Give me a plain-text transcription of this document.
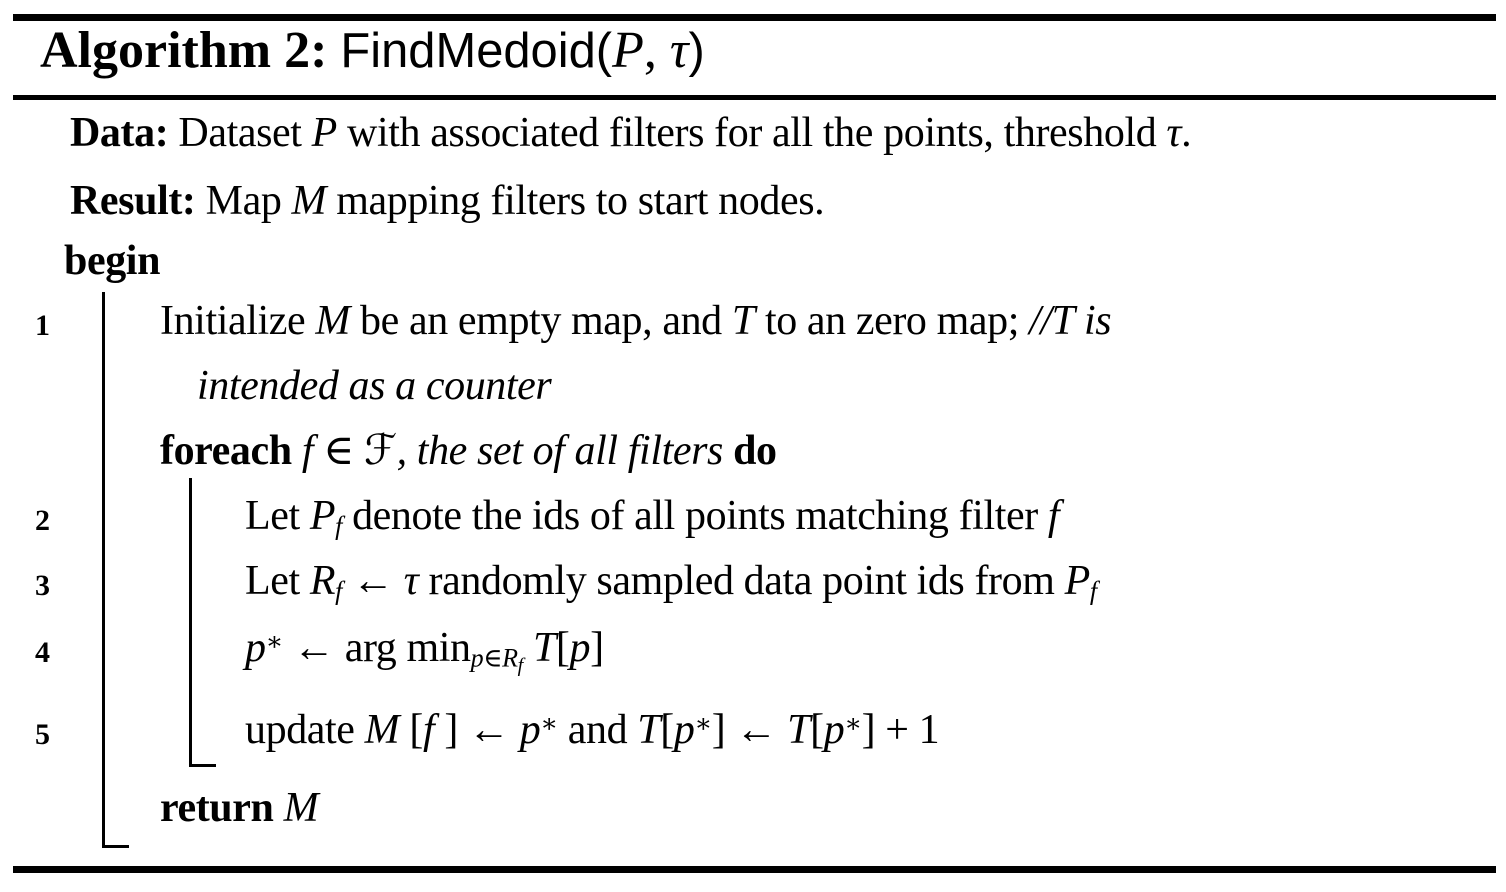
Algorithm 2: FindMedoid(P, τ)
Data: Dataset P with associated filters for all the points, threshold τ.
Result: Map M mapping filters to start nodes.
begin
1	Initialize M be an empty map, and T to an zero map; //T is
intended as a counter
foreach f ∈ ℱ, the set of all filters do
2	Let $P_f$ denote the ids of all points matching filter f
3	Let $R_f$ ← τ randomly sampled data point ids from $P_f$
4	p∗ ← arg $\min_{p\in Rf} T[p]$
5	update M [f ] ← p∗ and T[p∗] ← T[p∗] + 1
return M
